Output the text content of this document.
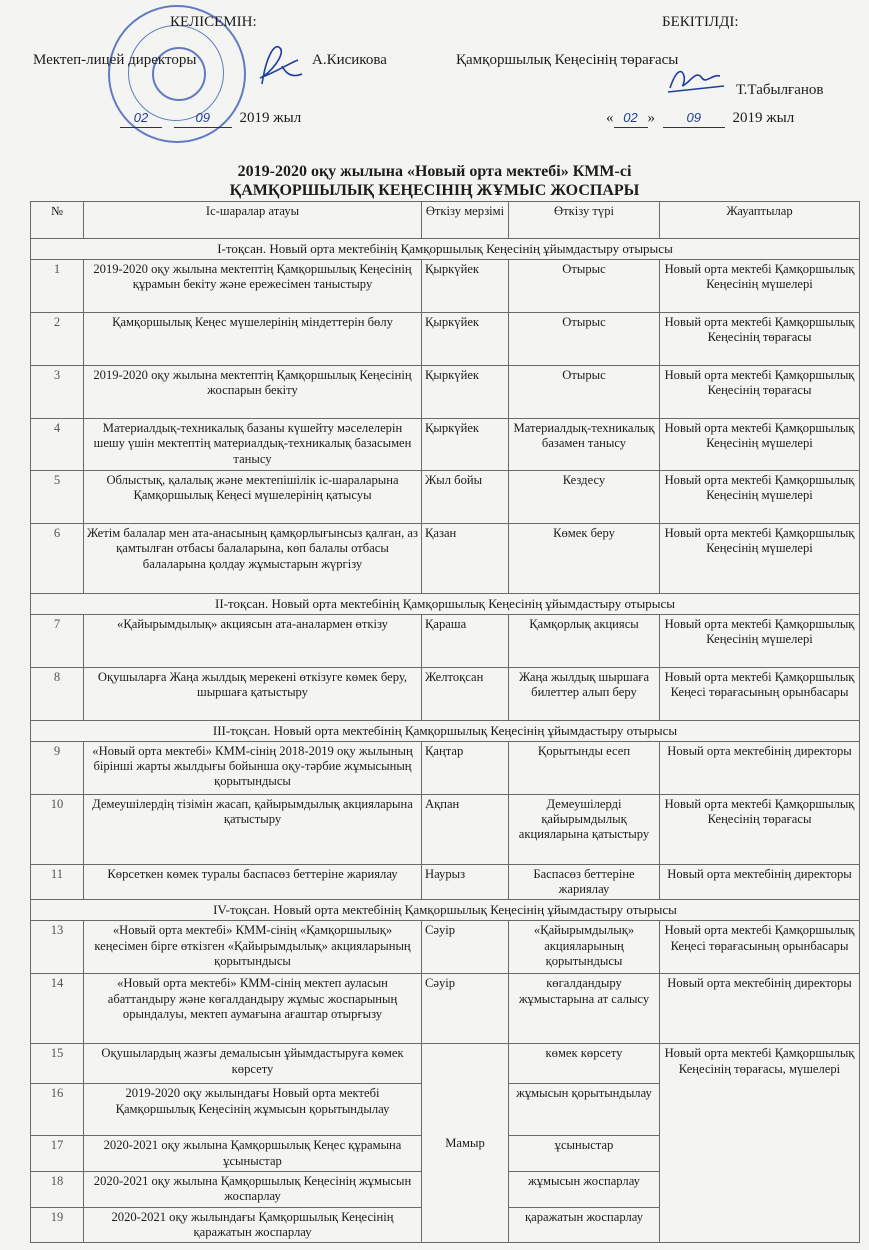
КЕЛІСЕМІН:
Мектеп-лицей директоры	А.Кисикова
02	09 2019 жыл
БЕКІТІЛДІ:
Қамқоршылық Кеңесінің төрағасы
Т.Табылғанов
« 02 » 09 2019 жыл
2019-2020 оқу жылына «Новый орта мектебі» КММ-сі
ҚАМҚОРШЫЛЫҚ КЕҢЕСІНІҢ ЖҰМЫС ЖОСПАРЫ
№	Іс-шаралар атауы	Өткізу мерзімі	Өткізу түрі	Жауаптылар
І-тоқсан. Новый орта мектебінің Қамқоршылық Кеңесінің ұйымдастыру отырысы				
1	2019-2020 оқу жылына мектептің Қамқоршылық Кеңесінің құрамын бекіту және ережесімен таныстыру	Қыркүйек	Отырыс	Новый орта мектебі Қамқоршылық Кеңесінің мүшелері
2	Қамқоршылық Кеңес мүшелерінің міндеттерін бөлу	Қыркүйек	Отырыс	Новый орта мектебі Қамқоршылық Кеңесінің төрағасы
3	2019-2020 оқу жылына мектептің Қамқоршылық Кеңесінің жоспарын бекіту	Қыркүйек	Отырыс	Новый орта мектебі Қамқоршылық Кеңесінің төрағасы
4	Материалдық-техникалық базаны күшейту мәселелерін шешу үшін мектептің материалдық-техникалық базасымен танысу	Қыркүйек	Материалдық-техникалық базамен танысу	Новый орта мектебі Қамқоршылық Кеңесінің мүшелері
5	Облыстық, қалалық және мектепішілік іс-шараларына Қамқоршылық Кеңесі мүшелерінің қатысуы	Жыл бойы	Кездесу	Новый орта мектебі Қамқоршылық Кеңесінің мүшелері
6	Жетім балалар мен ата-анасының қамқорлығынсыз қалған, аз қамтылған отбасы балаларына, көп балалы отбасы балаларына қолдау жұмыстарын жүргізу	Қазан	Көмек беру	Новый орта мектебі Қамқоршылық Кеңесінің мүшелері
ІІ-тоқсан. Новый орта мектебінің Қамқоршылық Кеңесінің ұйымдастыру отырысы				
7	«Қайырымдылық» акциясын ата-аналармен өткізу	Қараша	Қамқорлық акциясы	Новый орта мектебі Қамқоршылық Кеңесінің мүшелері
8	Оқушыларға Жаңа жылдық мерекені өткізуге көмек беру, шыршаға қатыстыру	Желтоқсан	Жаңа жылдық шыршаға билеттер алып беру	Новый орта мектебі Қамқоршылық Кеңесі төрағасының орынбасары
ІІІ-тоқсан. Новый орта мектебінің Қамқоршылық Кеңесінің ұйымдастыру отырысы				
9	«Новый орта мектебі» КММ-сінің 2018-2019 оқу жылының бірінші жарты жылдығы бойынша оқу-тәрбие жұмысының қорытындысы	Қаңтар	Қорытынды есеп	Новый орта мектебінің директоры
10	Демеушілердің тізімін жасап, қайырымдылық акцияларына қатыстыру	Ақпан	Демеушілерді қайырымдылық акцияларына қатыстыру	Новый орта мектебі Қамқоршылық Кеңесінің төрағасы
11	Көрсеткен көмек туралы баспасөз беттеріне жариялау	Наурыз	Баспасөз беттеріне жариялау	Новый орта мектебінің директоры
ІV-тоқсан. Новый орта мектебінің Қамқоршылық Кеңесінің ұйымдастыру отырысы				
13	«Новый орта мектебі» КММ-сінің «Қамқоршылық» кеңесімен бірге өткізген «Қайырымдылық» акцияларының қорытындысы	Сәуір	«Қайырымдылық» акцияларының қорытындысы	Новый орта мектебі Қамқоршылық Кеңесі төрағасының орынбасары
14	«Новый орта мектебі» КММ-сінің мектеп ауласын абаттандыру және көгалдандыру жұмыс жоспарының орындалуы, мектеп аумағына ағаштар отырғызу	Сәуір	көгалдандыру жұмыстарына ат салысу	Новый орта мектебінің директоры
15	Оқушылардың жазғы демалысын ұйымдастыруға көмек көрсету	Мамыр	көмек көрсету	Новый орта мектебі Қамқоршылық Кеңесінің төрағасы, мүшелері
16	2019-2020 оқу жылындағы Новый орта мектебі Қамқоршылық Кеңесінің жұмысын қорытындылау		жұмысын қорытындылау	
17	2020-2021 оқу жылына Қамқоршылық Кеңес құрамына ұсыныстар		ұсыныстар	
18	2020-2021 оқу жылына Қамқоршылық Кеңесінің жұмысын жоспарлау		жұмысын жоспарлау	
19	2020-2021 оқу жылындағы Қамқоршылық Кеңесінің қаражатын жоспарлау		қаражатын жоспарлау	
